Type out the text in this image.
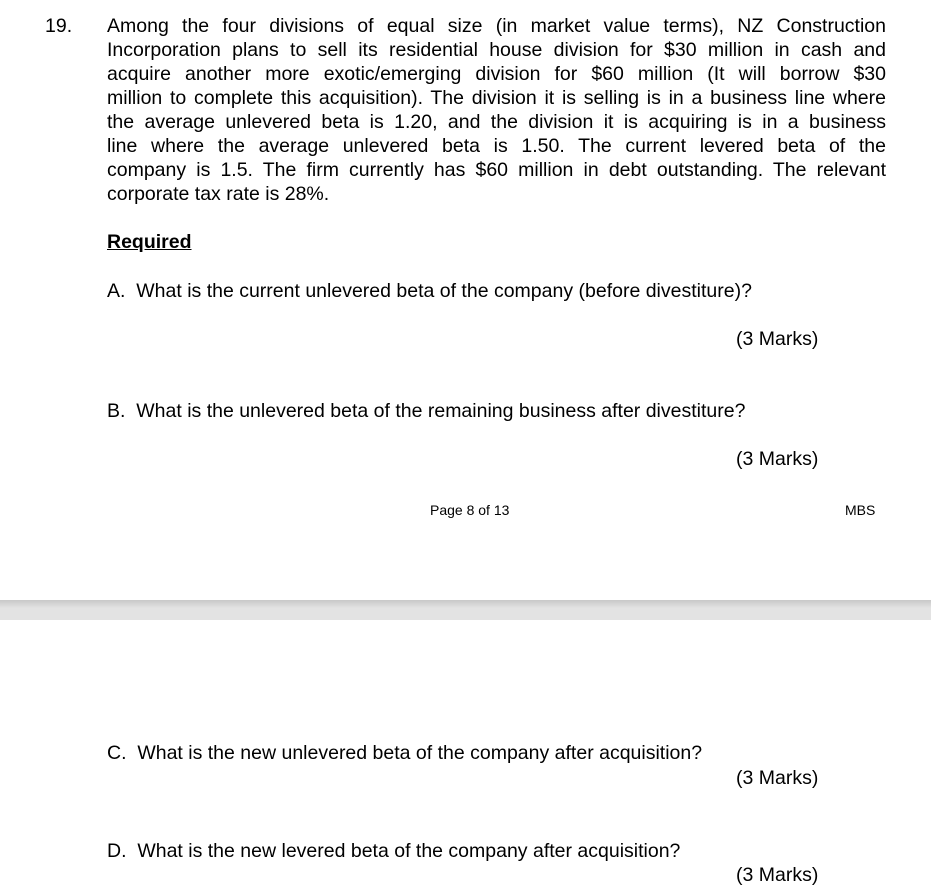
19. Among the four divisions of equal size (in market value terms), NZ Construction
Incorporation plans to sell its residential house division for $30 million in cash and
acquire another more exotic/emerging division for $60 million (It will borrow $30
million to complete this acquisition). The division it is selling is in a business line where
the average unlevered beta is 1.20, and the division it is acquiring is in a business
line where the average unlevered beta is 1.50. The current levered beta of the
company is 1.5. The firm currently has $60 million in debt outstanding. The relevant
corporate tax rate is 28%.
Required
A.  What is the current unlevered beta of the company (before divestiture)?
(3 Marks)
B.  What is the unlevered beta of the remaining business after divestiture?
(3 Marks)
Page 8 of 13	MBS
C.  What is the new unlevered beta of the company after acquisition?
(3 Marks)
D.  What is the new levered beta of the company after acquisition?
(3 Marks)
